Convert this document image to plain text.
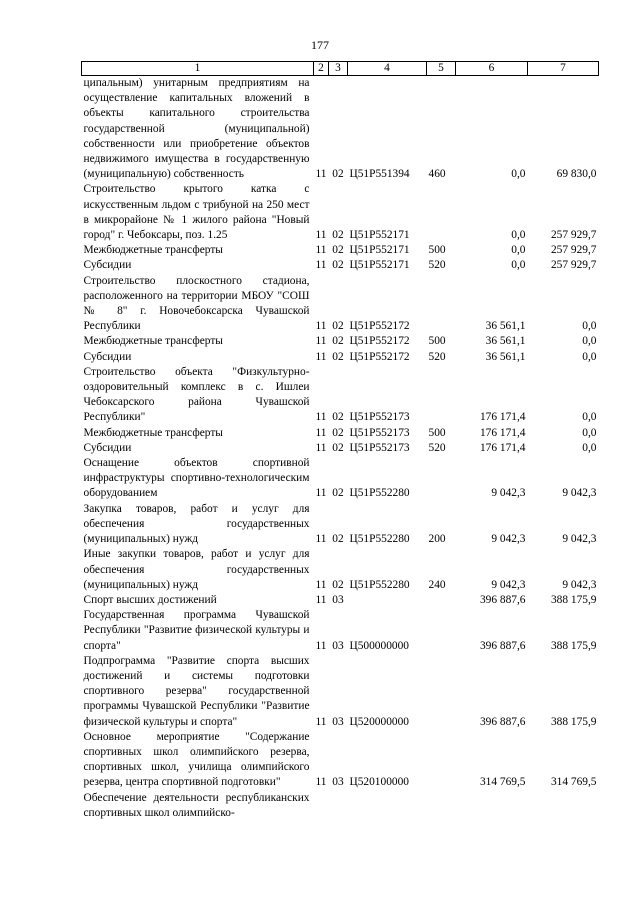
177
1	2	3	4	5	6	7
ципальным) унитарным предприятиям на осуществление капитальных вложений в объекты капитального строительства государственной (муниципальной) собственности или приобретение объектов недвижимого имущества в государственную (муниципальную) собственность	11	02	Ц51P551394	460	0,0	69 830,0
Строительство крытого катка с искусственным льдом с трибуной на 250 мест в микрорайоне № 1 жилого района "Новый город" г. Чебоксары, поз. 1.25	11	02	Ц51P552171		0,0	257 929,7
Межбюджетные трансферты	11	02	Ц51P552171	500	0,0	257 929,7
Субсидии	11	02	Ц51P552171	520	0,0	257 929,7
Строительство плоскостного стадиона, расположенного на территории МБОУ "СОШ № 8" г. Новочебоксарска Чувашской Республики	11	02	Ц51P552172		36 561,1	0,0
Межбюджетные трансферты	11	02	Ц51P552172	500	36 561,1	0,0
Субсидии	11	02	Ц51P552172	520	36 561,1	0,0
Строительство объекта "Физкультурно-оздоровительный комплекс в с. Ишлеи Чебоксарского района Чувашской Республики"	11	02	Ц51P552173		176 171,4	0,0
Межбюджетные трансферты	11	02	Ц51P552173	500	176 171,4	0,0
Субсидии	11	02	Ц51P552173	520	176 171,4	0,0
Оснащение объектов спортивной инфраструктуры спортивно-технологическим оборудованием	11	02	Ц51P552280		9 042,3	9 042,3
Закупка товаров, работ и услуг для обеспечения государственных (муниципальных) нужд	11	02	Ц51P552280	200	9 042,3	9 042,3
Иные закупки товаров, работ и услуг для обеспечения государственных (муниципальных) нужд	11	02	Ц51P552280	240	9 042,3	9 042,3
Спорт высших достижений	11	03			396 887,6	388 175,9
Государственная программа Чувашской Республики "Развитие физической культуры и спорта"	11	03	Ц500000000		396 887,6	388 175,9
Подпрограмма "Развитие спорта высших достижений и системы подготовки спортивного резерва" государственной программы Чувашской Республики "Развитие физической культуры и спорта"	11	03	Ц520000000		396 887,6	388 175,9
Основное мероприятие "Содержание спортивных школ олимпийского резерва, спортивных школ, училища олимпийского резерва, центра спортивной подготовки"	11	03	Ц520100000		314 769,5	314 769,5
Обеспечение деятельности республиканских спортивных школ олимпийско-						
